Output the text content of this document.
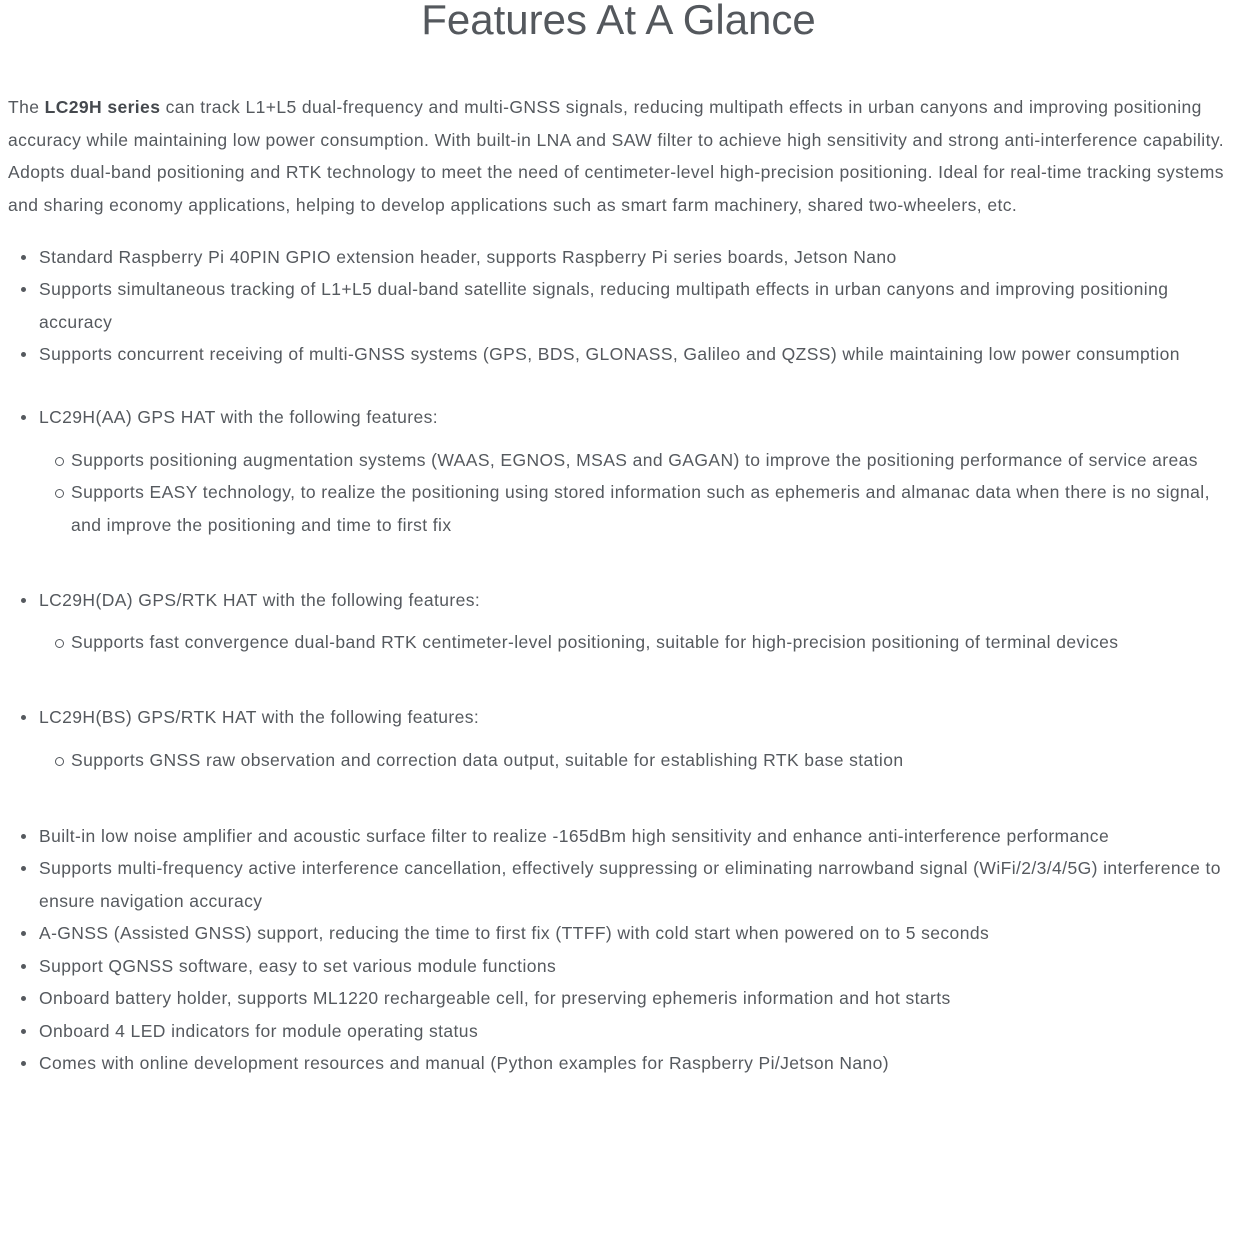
Features At A Glance

The LC29H series can track L1+L5 dual-frequency and multi-GNSS signals, reducing multipath effects in urban canyons and improving positioning accuracy while maintaining low power consumption. With built-in LNA and SAW filter to achieve high sensitivity and strong anti-interference capability. Adopts dual-band positioning and RTK technology to meet the need of centimeter-level high-precision positioning. Ideal for real-time tracking systems and sharing economy applications, helping to develop applications such as smart farm machinery, shared two-wheelers, etc.

Standard Raspberry Pi 40PIN GPIO extension header, supports Raspberry Pi series boards, Jetson Nano
Supports simultaneous tracking of L1+L5 dual-band satellite signals, reducing multipath effects in urban canyons and improving positioning accuracy
Supports concurrent receiving of multi-GNSS systems (GPS, BDS, GLONASS, Galileo and QZSS) while maintaining low power consumption
LC29H(AA) GPS HAT with the following features:
Supports positioning augmentation systems (WAAS, EGNOS, MSAS and GAGAN) to improve the positioning performance of service areas
Supports EASY technology, to realize the positioning using stored information such as ephemeris and almanac data when there is no signal, and improve the positioning and time to first fix
LC29H(DA) GPS/RTK HAT with the following features:
Supports fast convergence dual-band RTK centimeter-level positioning, suitable for high-precision positioning of terminal devices
LC29H(BS) GPS/RTK HAT with the following features:
Supports GNSS raw observation and correction data output, suitable for establishing RTK base station
Built-in low noise amplifier and acoustic surface filter to realize -165dBm high sensitivity and enhance anti-interference performance
Supports multi-frequency active interference cancellation, effectively suppressing or eliminating narrowband signal (WiFi/2/3/4/5G) interference to ensure navigation accuracy
A-GNSS (Assisted GNSS) support, reducing the time to first fix (TTFF) with cold start when powered on to 5 seconds
Support QGNSS software, easy to set various module functions
Onboard battery holder, supports ML1220 rechargeable cell, for preserving ephemeris information and hot starts
Onboard 4 LED indicators for module operating status
Comes with online development resources and manual (Python examples for Raspberry Pi/Jetson Nano)
